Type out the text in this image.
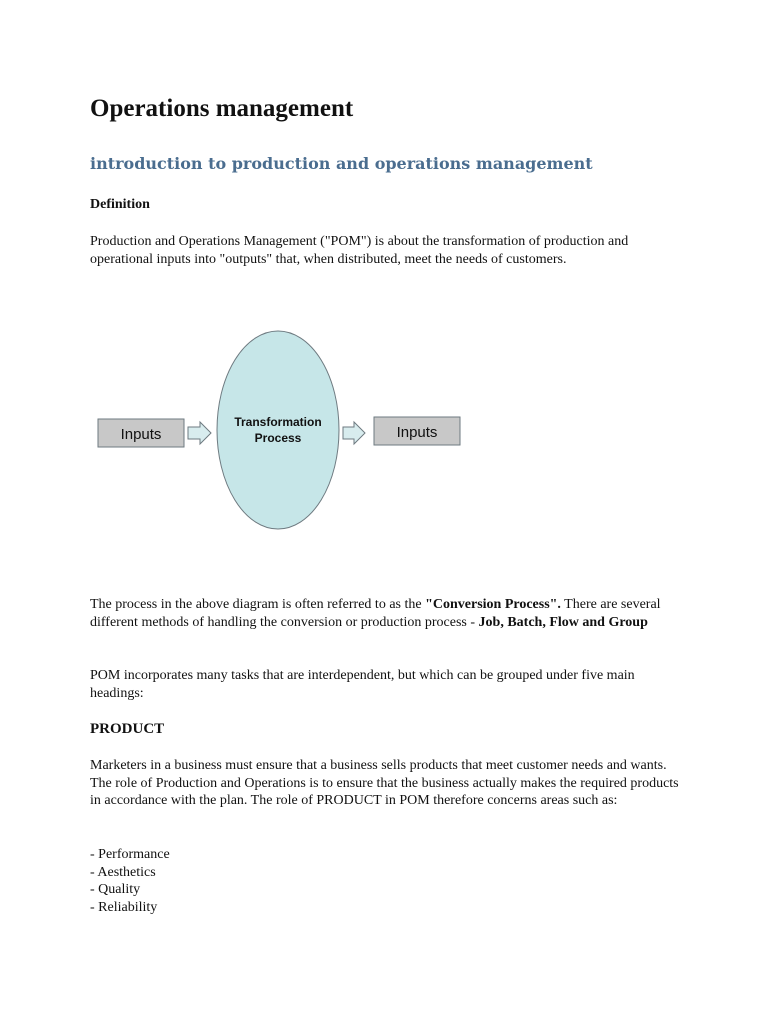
Operations management
introduction to production and operations management
Definition

Production and Operations Management ("POM") is about the transformation of production and operational inputs into "outputs" that, when distributed, meet the needs of customers.

Inputs
Transformation
Process	Inputs

The process in the above diagram is often referred to as the "Conversion Process". There are several different methods of handling the conversion or production process - Job, Batch, Flow and Group

POM incorporates many tasks that are interdependent, but which can be grouped under five main headings:

PRODUCT

Marketers in a business must ensure that a business sells products that meet customer needs and wants. The role of Production and Operations is to ensure that the business actually makes the required products in accordance with the plan. The role of PRODUCT in POM therefore concerns areas such as:

- Performance
- Aesthetics
- Quality
- Reliability
